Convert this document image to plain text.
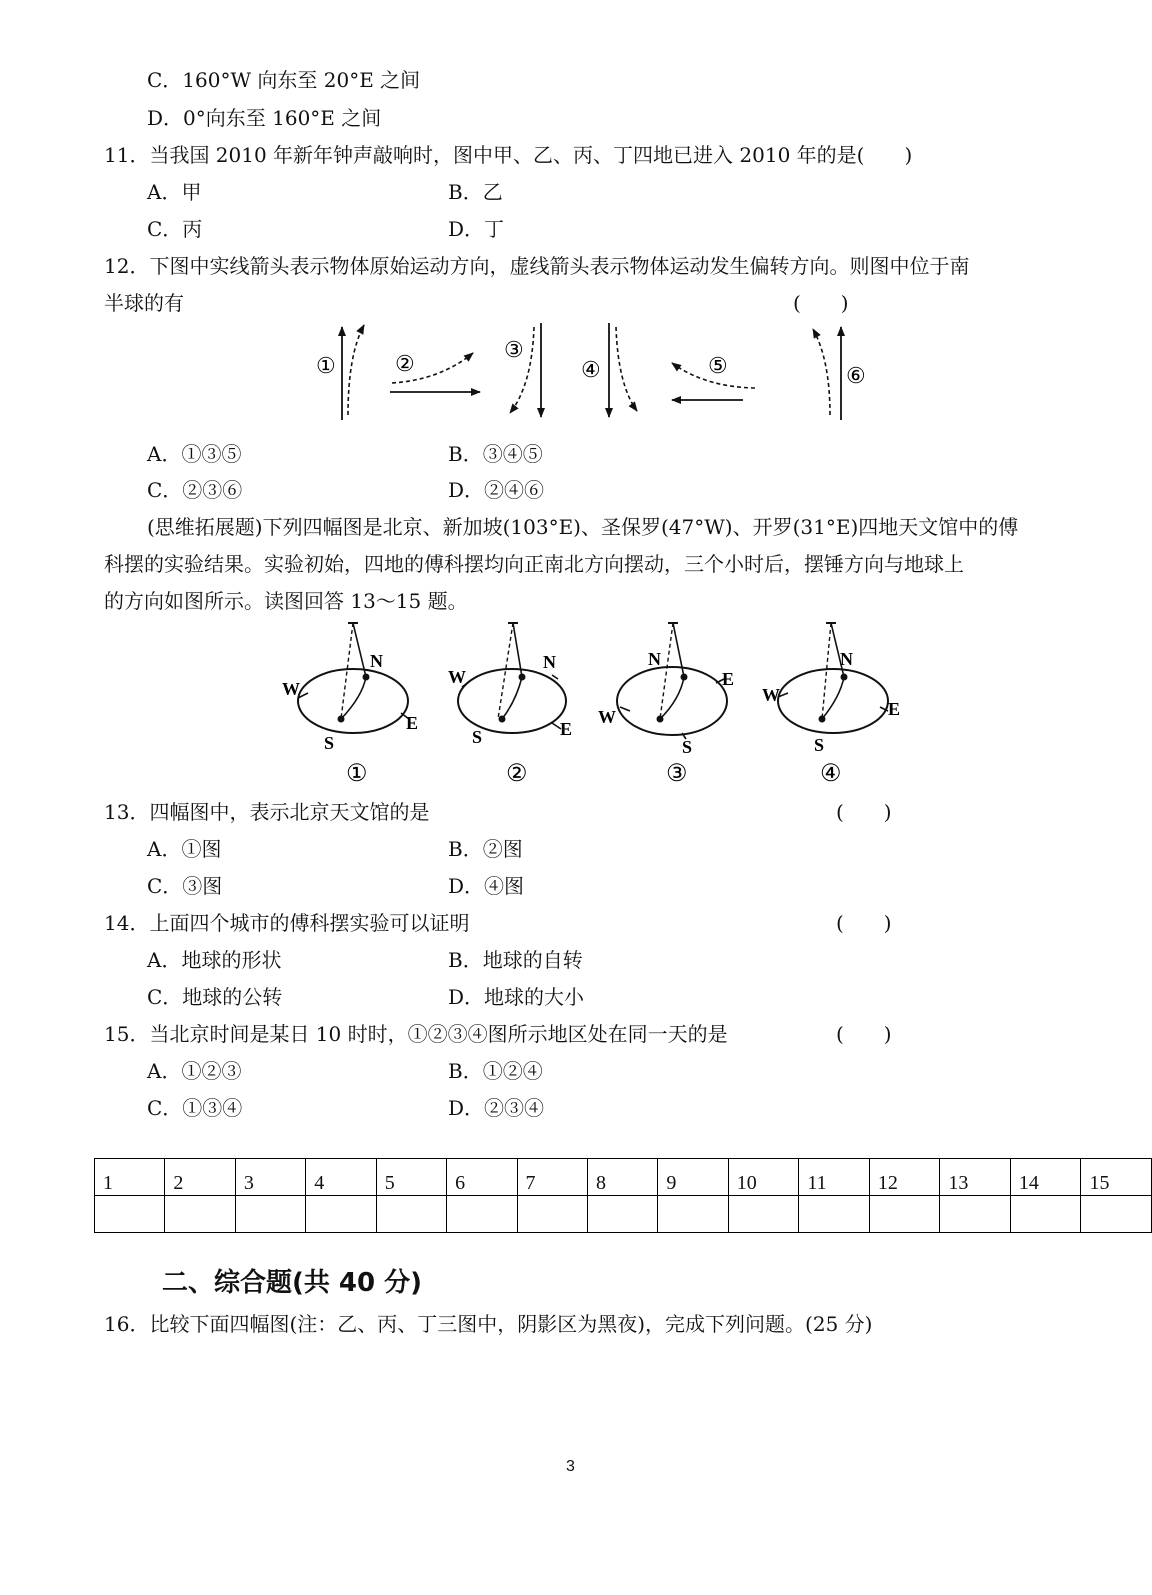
C．160°W 向东至 20°E 之间
D．0°向东至 160°E 之间
11．当我国 2010 年新年钟声敲响时，图中甲、乙、丙、丁四地已进入 2010 年的是(　　)
A．甲	B．乙
C．丙	D．丁
12．下图中实线箭头表示物体原始运动方向，虚线箭头表示物体运动发生偏转方向。则图中位于南
半球的有	(　　)
①	②
③
④	⑤	⑥
A．①③⑤	B．③④⑤
C．②③⑥	D．②④⑥
(思维拓展题)下列四幅图是北京、新加坡(103°E)、圣保罗(47°W)、开罗(31°E)四地天文馆中的傅
科摆的实验结果。实验初始，四地的傅科摆均向正南北方向摆动，三个小时后，摆锤方向与地球上
的方向如图所示。读图回答 13～15 题。
N
W
E
S
①
N
W
E
S
②
N
W
E
S
③
N
W
E
S
④
13．四幅图中，表示北京天文馆的是	(　　)
A．①图	B．②图
C．③图	D．④图
14．上面四个城市的傅科摆实验可以证明	(　　)
A．地球的形状	B．地球的自转
C．地球的公转	D．地球的大小
15．当北京时间是某日 10 时时，①②③④图所示地区处在同一天的是	(　　)
A．①②③	B．①②④
C．①③④	D．②③④
1	2	3	4	5	6	7	8	9	10	11	12	13	14	15

二、综合题(共 40 分)
16．比较下面四幅图(注：乙、丙、丁三图中，阴影区为黑夜)，完成下列问题。(25 分)
3
